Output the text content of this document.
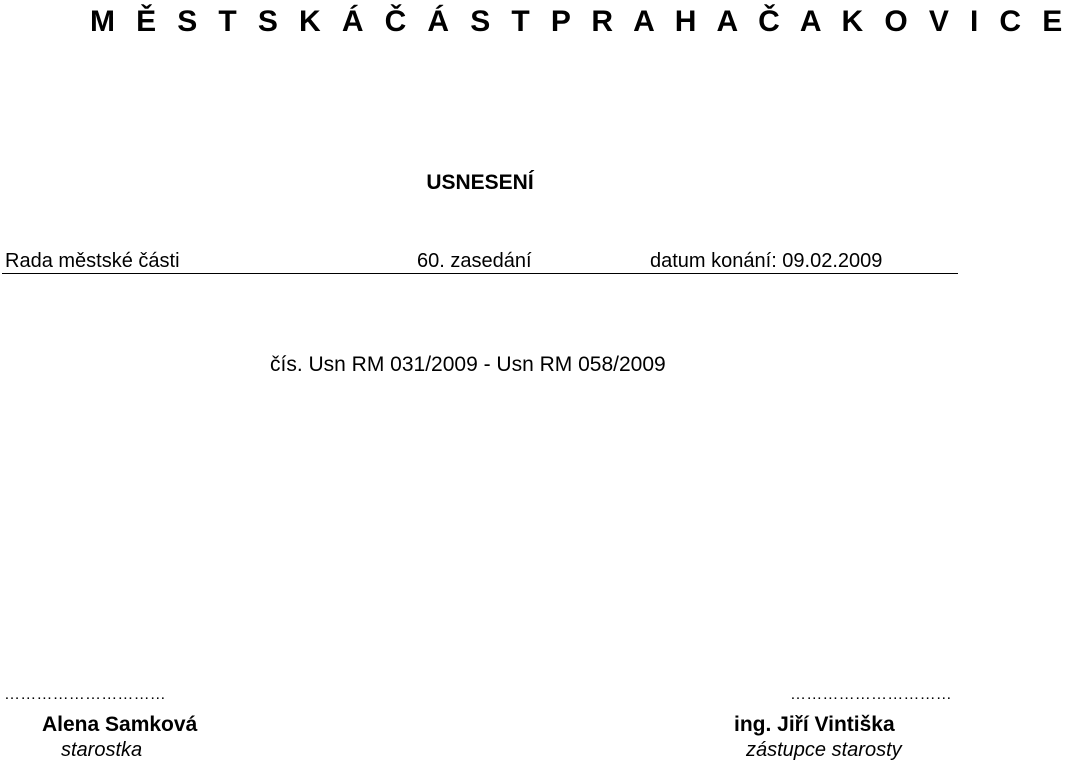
M Ě S T S K Á Č Á S T P R A H A Č A K O V I C E
USNESENÍ
Rada městské části	60. zasedání	datum konání: 09.02.2009
čís. Usn RM 031/2009 - Usn RM 058/2009
…………………………	…………………………
Alena Samková	ing. Jiří Vintiška
starostka	zástupce starosty
